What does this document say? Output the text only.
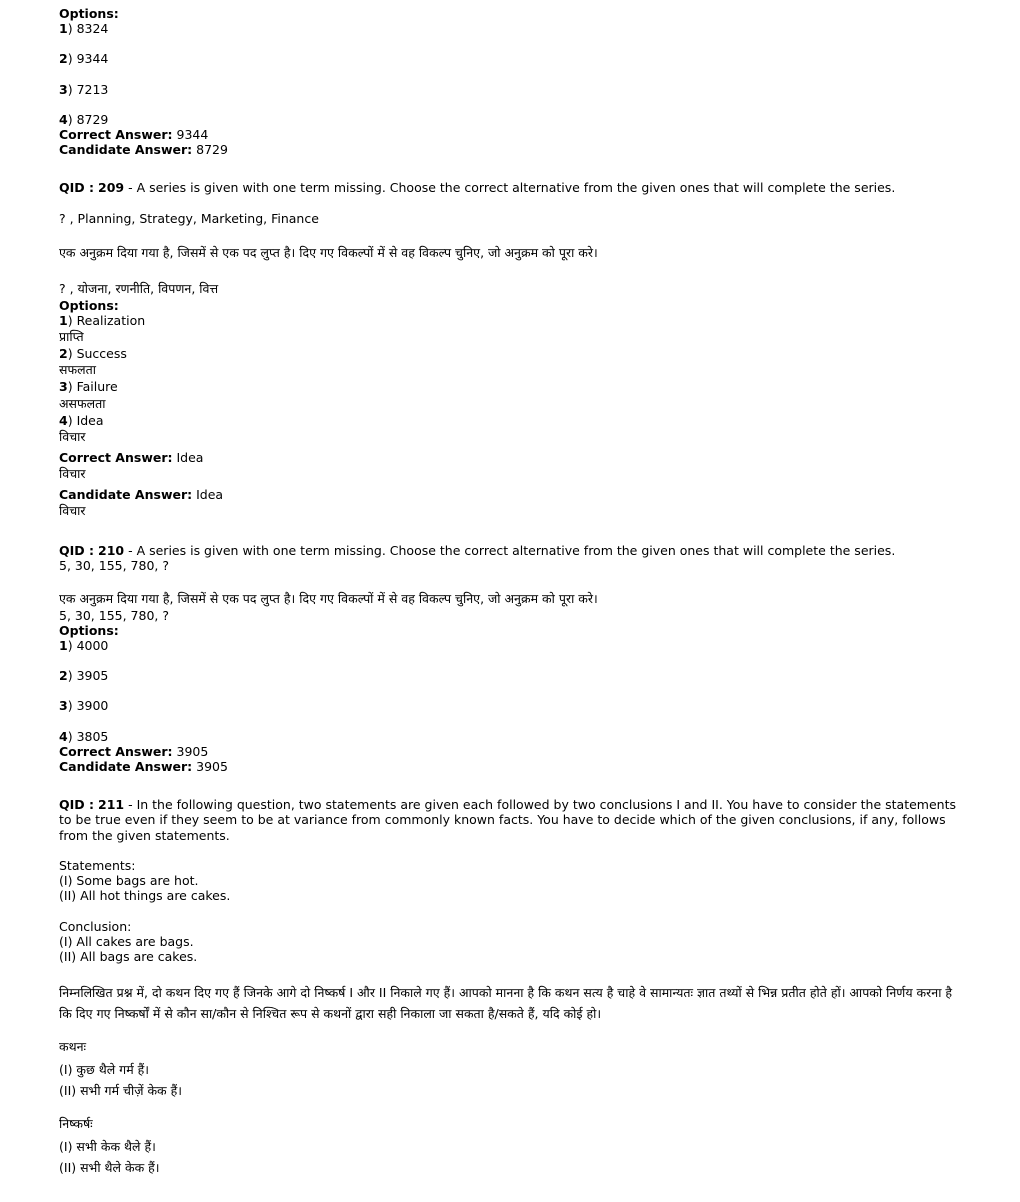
Options:
1) 8324
2) 9344
3) 7213
4) 8729
Correct Answer: 9344
Candidate Answer: 8729
QID : 209 - A series is given with one term missing. Choose the correct alternative from the given ones that will complete the series.
? , Planning, Strategy, Marketing, Finance
एक अनुक्रम दिया गया है, जिसमें से एक पद लुप्त है। दिए गए विकल्पों में से वह विकल्प चुनिए, जो अनुक्रम को पूरा करे।
? , योजना, रणनीति, विपणन, वित्त
Options:
1) Realization
प्राप्ति
2) Success
सफलता
3) Failure
असफलता
4) Idea
विचार
Correct Answer: Idea
विचार
Candidate Answer: Idea
विचार
QID : 210 - A series is given with one term missing. Choose the correct alternative from the given ones that will complete the series.
5, 30, 155, 780, ?
एक अनुक्रम दिया गया है, जिसमें से एक पद लुप्त है। दिए गए विकल्पों में से वह विकल्प चुनिए, जो अनुक्रम को पूरा करे।
5, 30, 155, 780, ?
Options:
1) 4000
2) 3905
3) 3900
4) 3805
Correct Answer: 3905
Candidate Answer: 3905
QID : 211 - In the following question, two statements are given each followed by two conclusions I and II. You have to consider the statements to be true even if they seem to be at variance from commonly known facts. You have to decide which of the given conclusions, if any, follows from the given statements.
Statements:
(I) Some bags are hot.
(II) All hot things are cakes.
Conclusion:
(I) All cakes are bags.
(II) All bags are cakes.
निम्नलिखित प्रश्न में, दो कथन दिए गए हैं जिनके आगे दो निष्कर्ष I और II निकाले गए हैं। आपको मानना है कि कथन सत्य है चाहे वे सामान्यतः ज्ञात तथ्यों से भिन्न प्रतीत होते हों। आपको निर्णय करना है कि दिए गए निष्कर्षों में से कौन सा/कौन से निश्चित रूप से कथनों द्वारा सही निकाला जा सकता है/सकते हैं, यदि कोई हो।
कथनः
(I) कुछ थैले गर्म हैं।
(II) सभी गर्म चीज़ें केक हैं।
निष्कर्षः
(I) सभी केक थैले हैं।
(II) सभी थैले केक हैं।
